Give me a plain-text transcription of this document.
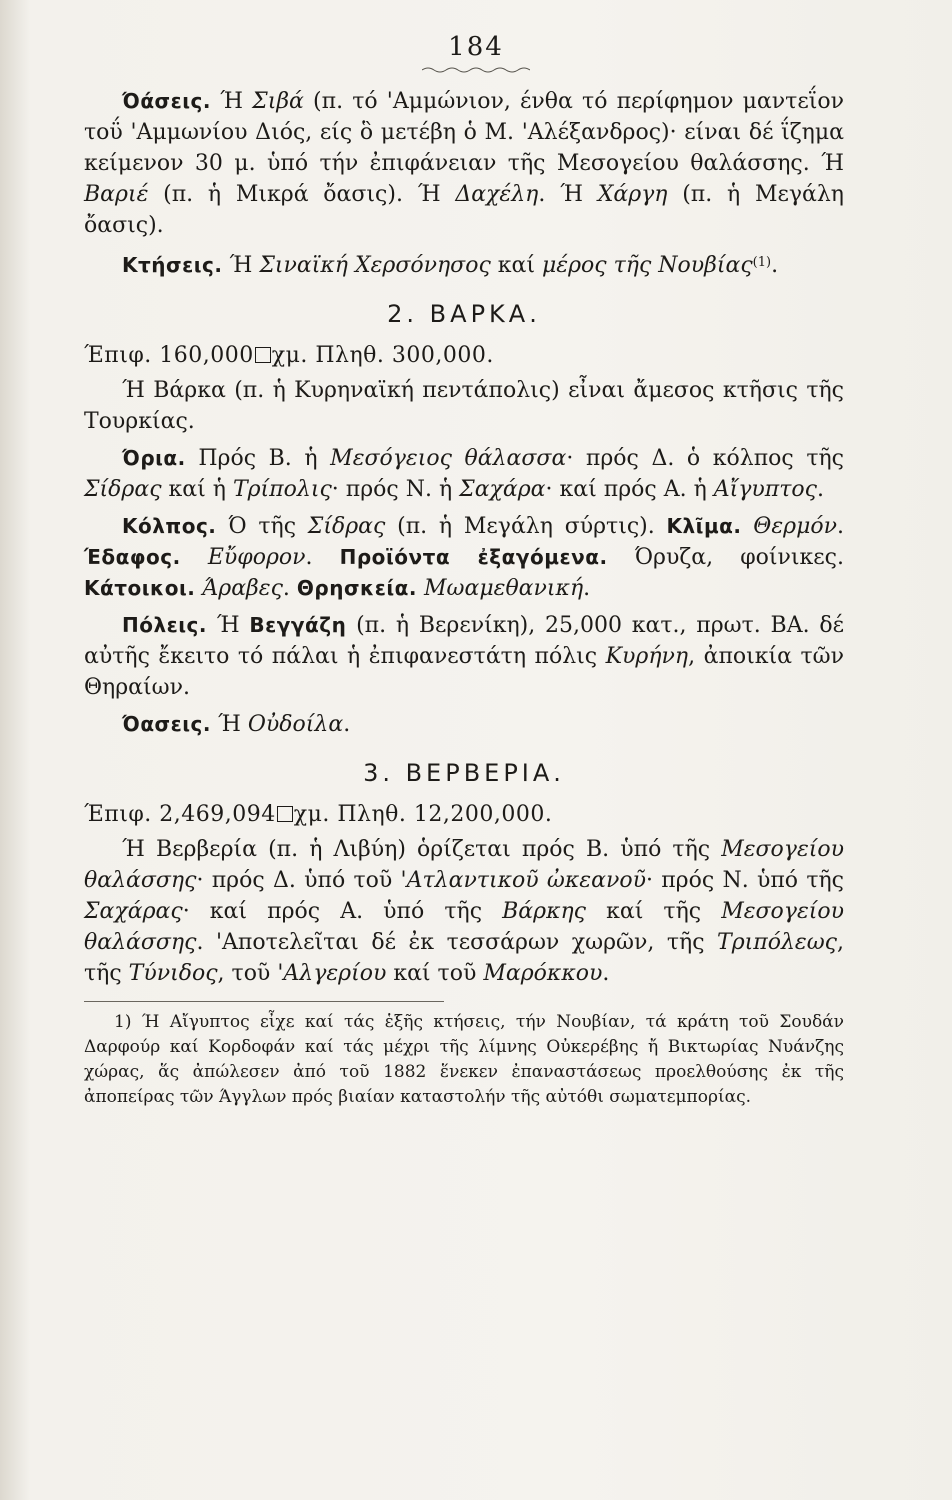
184

Όάσεις. Ή Σιβά (π. τό 'Αμμώνιον, ένθα τό περίφημον μαντεΐον τοΰ 'Αμμωνίου Διός, είς ὃ μετέβη ὁ Μ. 'Αλέξανδρος)· είναι δέ ΐζημα κείμενον 30 μ. ὑπό τήν ἐπιφάνειαν τῆς Μεσογείου θαλάσσης. Ή Βαριέ (π. ἡ Μικρά ὄασις). Ή Δαχέλη. Ή Χάργη (π. ἡ Μεγάλη ὄασις).

Κτήσεις. Ή Σιναϊκή Χερσόνησος καί μέρος τῆς Νουβίας$^{(1)}$.

2. ΒΑΡΚΑ.

Έπιφ. 160,000 χμ. Πληθ. 300,000.

Ή Βάρκα (π. ἡ Κυρηναϊκή πεντάπολις) εἶναι ἄμεσος κτῆσις τῆς Τουρκίας.

Όρια. Πρός Β. ἡ Μεσόγειος θάλασσα· πρός Δ. ὁ κόλπος τῆς Σίδρας καί ἡ Τρίπολις· πρός Ν. ἡ Σαχάρα· καί πρός Α. ἡ Αἴγυπτος.

Κόλπος. Ό τῆς Σίδρας (π. ἡ Μεγάλη σύρτις). Κλῖμα. Θερμόν. Έδαφος. Εὔφορον. Προϊόντα ἐξαγόμενα. Όρυζα, φοίνικες. Κάτοικοι. Άραβες. Θρησκεία. Μωαμεθανική.

Πόλεις. Ή Βεγγάζη (π. ἡ Βερενίκη), 25,000 κατ., πρωτ. ΒΑ. δέ αὐτῆς ἔκειτο τό πάλαι ἡ ἐπιφανεστάτη πόλις Κυρήνη, ἀποικία τῶν Θηραίων.

Όασεις. Ή Οὐδοίλα.

3. ΒΕΡΒΕΡΙΑ.

Έπιφ. 2,469,094 χμ. Πληθ. 12,200,000.

Ή Βερβερία (π. ἡ Λιβύη) ὁρίζεται πρός Β. ὑπό τῆς Μεσογείου θαλάσσης· πρός Δ. ὑπό τοῦ 'Ατλαντικοῦ ὠκεανοῦ· πρός Ν. ὑπό τῆς Σαχάρας· καί πρός Α. ὑπό τῆς Βάρκης καί τῆς Μεσογείου θαλάσσης. 'Αποτελεῖται δέ ἐκ τεσσάρων χωρῶν, τῆς Τριπόλεως, τῆς Τύνιδος, τοῦ 'Αλγερίου καί τοῦ Μαρόκκου.

1) Ή Αἴγυπτος εἶχε καί τάς ἑξῆς κτήσεις, τήν Νουβίαν, τά κράτη τοῦ Σουδάν Δαρφούρ καί Κορδοφάν καί τάς μέχρι τῆς λίμνης Οὐκερέβης ἤ Βικτωρίας Νυάνζης χώρας, ἅς ἀπώλεσεν ἀπό τοῦ 1882 ἕνεκεν ἐπαναστάσεως προελθούσης ἐκ τῆς ἀποπείρας τῶν Άγγλων πρός βιαίαν καταστολήν τῆς αὐτόθι σωματεμπορίας.
